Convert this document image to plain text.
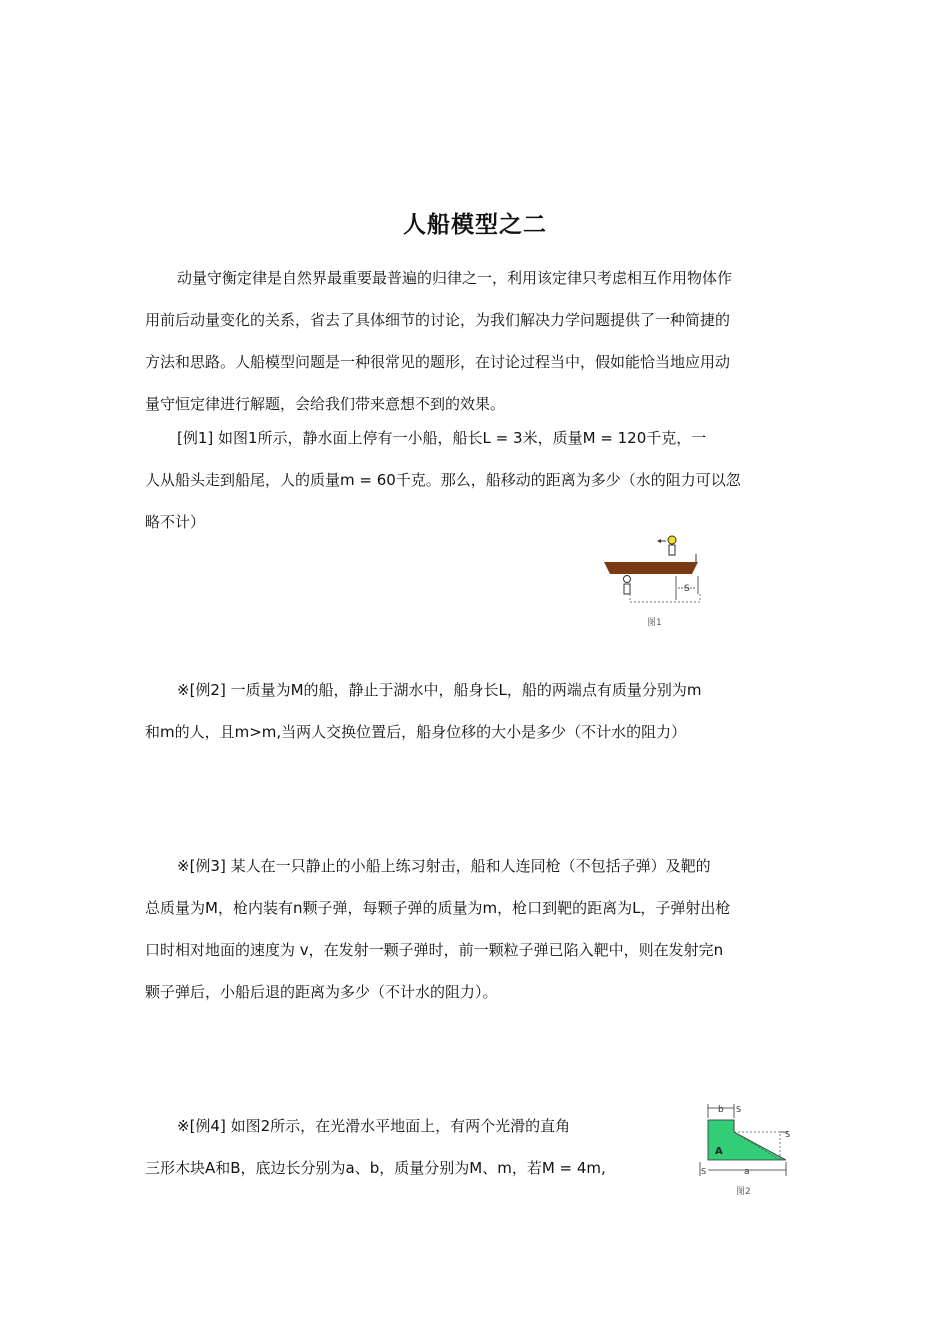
人船模型之二
动量守衡定律是自然界最重要最普遍的归律之一，利用该定律只考虑相互作用物体作
用前后动量变化的关系，省去了具体细节的讨论，为我们解决力学问题提供了一种简捷的
方法和思路。人船模型问题是一种很常见的题形，在讨论过程当中，假如能恰当地应用动
量守恒定律进行解题，会给我们带来意想不到的效果。
[例1] 如图1所示，静水面上停有一小船，船长L = 3米，质量M = 120千克，一
人从船头走到船尾，人的质量m = 60千克。那么，船移动的距离为多少（水的阻力可以忽
略不计）
S
图1
※[例2] 一质量为M的船，静止于湖水中，船身长L，船的两端点有质量分别为m
和m的人，且m>m,当两人交换位置后，船身位移的大小是多少（不计水的阻力）
※[例3] 某人在一只静止的小船上练习射击，船和人连同枪（不包括子弹）及靶的
总质量为M，枪内装有n颗子弹，每颗子弹的质量为m，枪口到靶的距离为L，子弹射出枪
口时相对地面的速度为 v，在发射一颗子弹时，前一颗粒子弹已陷入靶中，则在发射完n
颗子弹后，小船后退的距离为多少（不计水的阻力）。
※[例4] 如图2所示，在光滑水平地面上，有两个光滑的直角
三形木块A和B，底边长分别为a、b，质量分别为M、m，若M = 4m,
b S
A
S
S	a
图2
